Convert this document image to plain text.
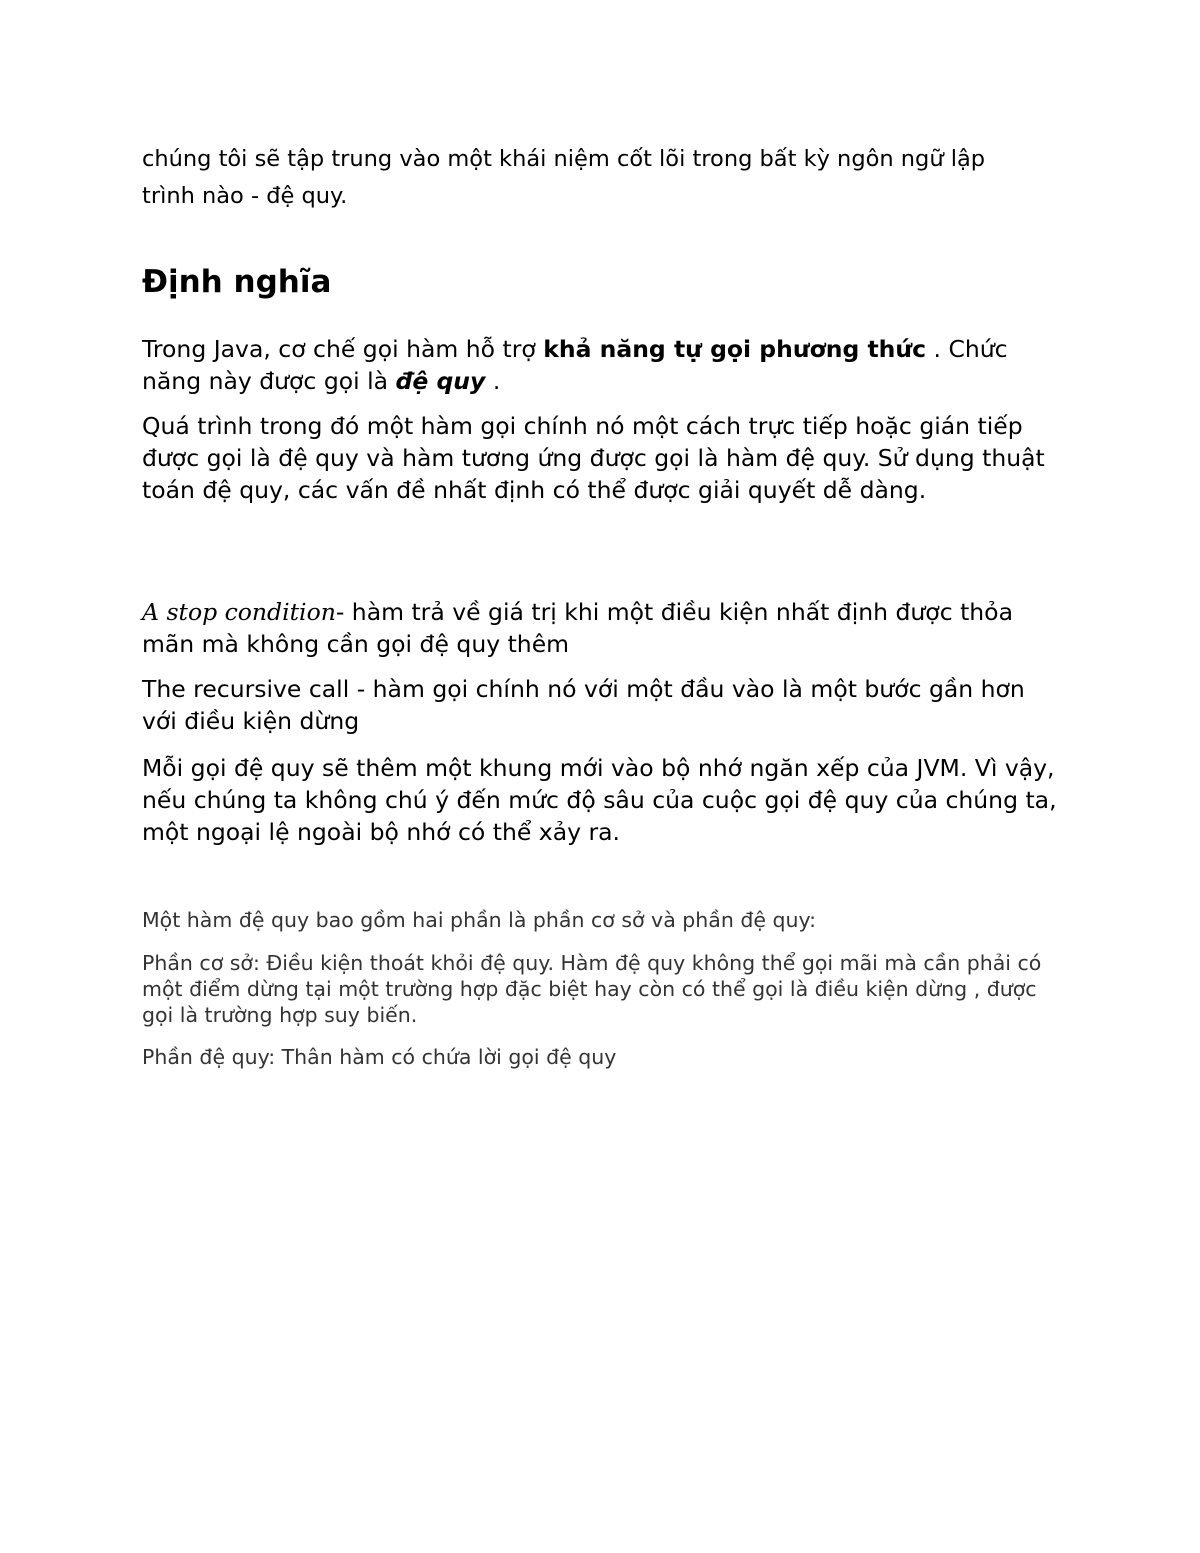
chúng tôi sẽ tập trung vào một khái niệm cốt lõi trong bất kỳ ngôn ngữ lập trình nào - đệ quy.

Định nghĩa

Trong Java, cơ chế gọi hàm hỗ trợ khả năng tự gọi phương thức . Chức năng này được gọi là đệ quy .

Quá trình trong đó một hàm gọi chính nó một cách trực tiếp hoặc gián tiếp được gọi là đệ quy và hàm tương ứng được gọi là hàm đệ quy. Sử dụng thuật toán đệ quy, các vấn đề nhất định có thể được giải quyết dễ dàng.

A stop condition- hàm trả về giá trị khi một điều kiện nhất định được thỏa mãn mà không cần gọi đệ quy thêm

The recursive call - hàm gọi chính nó với một đầu vào là một bước gần hơn với điều kiện dừng

Mỗi gọi đệ quy sẽ thêm một khung mới vào bộ nhớ ngăn xếp của JVM. Vì vậy, nếu chúng ta không chú ý đến mức độ sâu của cuộc gọi đệ quy của chúng ta, một ngoại lệ ngoài bộ nhớ có thể xảy ra.

Một hàm đệ quy bao gồm hai phần là phần cơ sở và phần đệ quy:

Phần cơ sở: Điều kiện thoát khỏi đệ quy. Hàm đệ quy không thể gọi mãi mà cần phải có một điểm dừng tại một trường hợp đặc biệt hay còn có thể gọi là điều kiện dừng , được gọi là trường hợp suy biến.

Phần đệ quy: Thân hàm có chứa lời gọi đệ quy
